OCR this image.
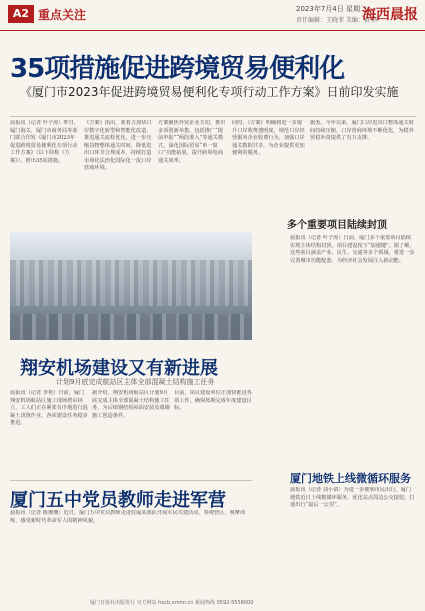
A2 重点关注	2023年7月4日 星期二
责任编辑：王晓菲 美编：黄 辉
海西晨报
35项措施促进跨境贸易便利化
《厦门市2023年促进跨境贸易便利化专项行动工作方案》日前印发实施

晨报讯（记者 叶子涛）昨日，厦门海关、厦门市商务局等部门联合印发《厦门市2023年促进跨境贸易便利化专项行动工作方案》（以下简称《方案》），推出35项措施。

《方案》指出，要着力加快口岸数字化转型和智能化改造，推进通关流程优化，进一步压缩货物整体通关时间，降低进出口环节合规成本，持续打造市场化法治化国际化一流口岸营商环境。

方案聚焦外贸企业关切，推出多项创新举措，包括推广“提前申报”“两段准入”等通关模式，深化国际贸易“单一窗口”功能拓展，提升跨境电商通关效率。

同时，《方案》明确将进一步提升口岸收费透明度，规范口岸经营服务企业收费行为，加强口岸通关数据共享，为企业提供更加便利的服务。

据悉，今年以来，厦门口岸进出口整体通关时间持续压缩，口岸营商环境不断优化，为稳外贸稳外资提供了有力支撑。

多个重要项目陆续封顶

晨报讯（记者 叶子涛）日前，厦门多个重要项目陆续实现主体结构封顶，项目建设按下“加速键”。据了解，这些项目涵盖产业、民生、交通等多个领域，将进一步完善城市功能配套，为经济社会发展注入新动能。

翔安机场建设又有新进展
计划9月底完成航站区主体全部混凝土结构施工任务

晨报讯（记者 李艳）日前，厦门翔安机场航站区施工现场塔吊林立，工人们正在紧张有序地进行混凝土浇筑作业，各项建设任务稳步推进。

据介绍，翔安机场航站区计划9月底完成主体全部混凝土结构施工任务，为后续钢结构屋面安装及幕墙施工创造条件。

目前，项目建设单位正加快推进各项工作，确保按期完成年度建设目标。

厦门五中党员教师走进军营

晨报讯（记者 陈珊珊）近日，厦门五中党员教师走进驻厦某部队开展军民共建活动，参观营区、观摩训练，感受新时代革命军人的精神风貌。

厦门地铁上线微循环服务

晨报讯（记者 刘小倩）为进一步便利市民出行，厦门地铁近日上线微循环服务，优化站点周边公交接驳，打通出行“最后一公里”。

厦门日报社出版发行 官方网站 hxcb.xmnn.cn 新闻热线 0592-5558000
